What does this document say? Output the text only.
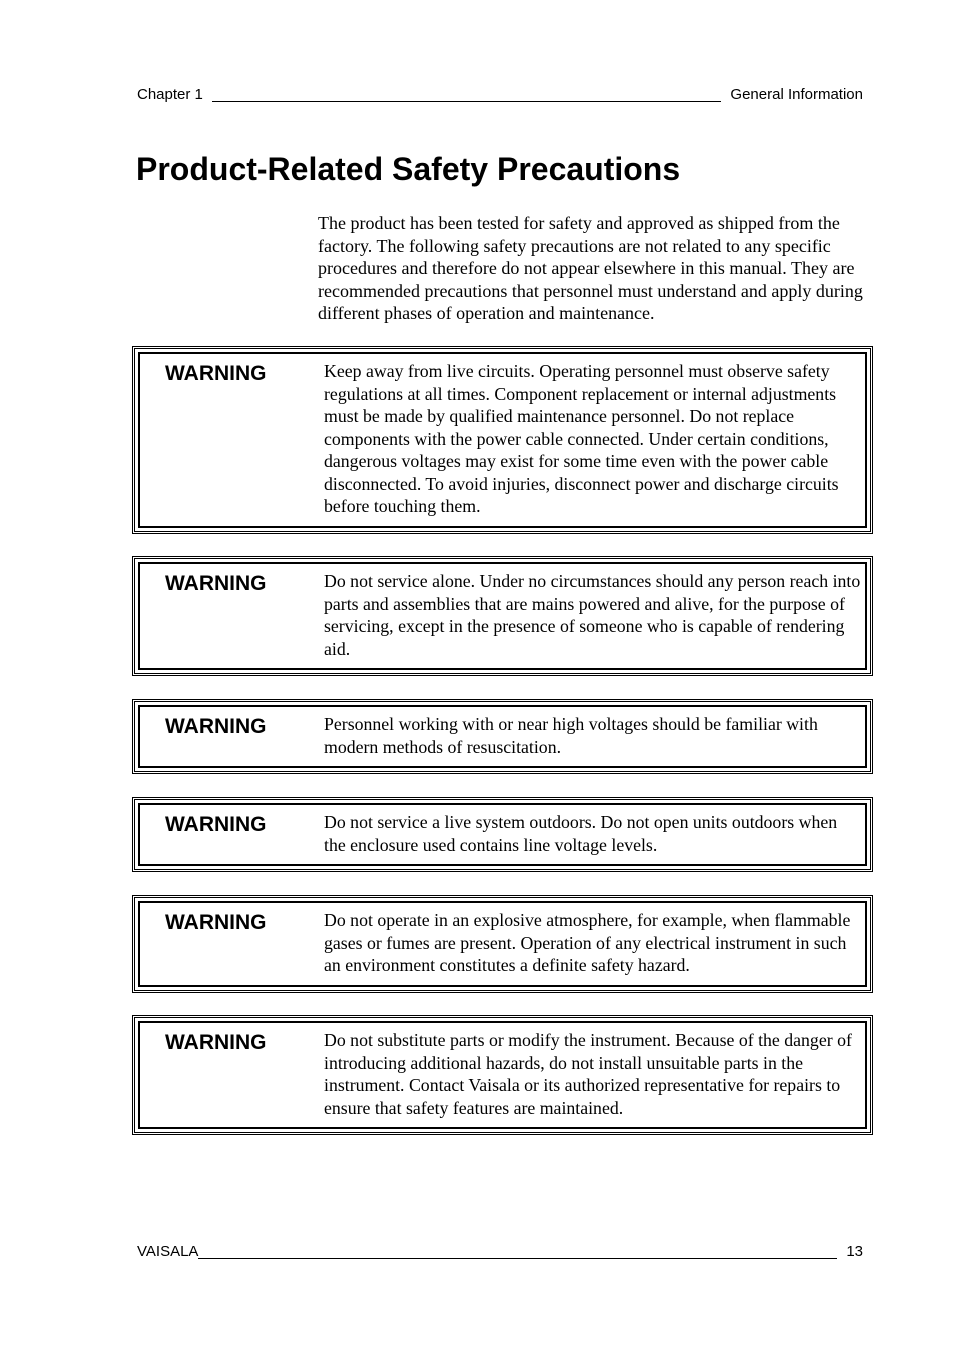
Chapter 1	General Information
Product-Related Safety Precautions

The product has been tested for safety and approved as shipped from the factory. The following safety precautions are not related to any specific procedures and therefore do not appear elsewhere in this manual. They are recommended precautions that personnel must understand and apply during different phases of operation and maintenance.

WARNING	Keep away from live circuits. Operating personnel must observe safety regulations at all times. Component replacement or internal adjustments must be made by qualified maintenance personnel. Do not replace components with the power cable connected. Under certain conditions, dangerous voltages may exist for some time even with the power cable disconnected. To avoid injuries, disconnect power and discharge circuits before touching them.
WARNING	Do not service alone. Under no circumstances should any person reach into parts and assemblies that are mains powered and alive, for the purpose of servicing, except in the presence of someone who is capable of rendering aid.
WARNING	Personnel working with or near high voltages should be familiar with modern methods of resuscitation.
WARNING	Do not service a live system outdoors. Do not open units outdoors when the enclosure used contains line voltage levels.
WARNING	Do not operate in an explosive atmosphere, for example, when flammable gases or fumes are present. Operation of any electrical instrument in such an environment constitutes a definite safety hazard.
WARNING	Do not substitute parts or modify the instrument. Because of the danger of introducing additional hazards, do not install unsuitable parts in the instrument. Contact Vaisala or its authorized representative for repairs to ensure that safety features are maintained.
VAISALA	13
